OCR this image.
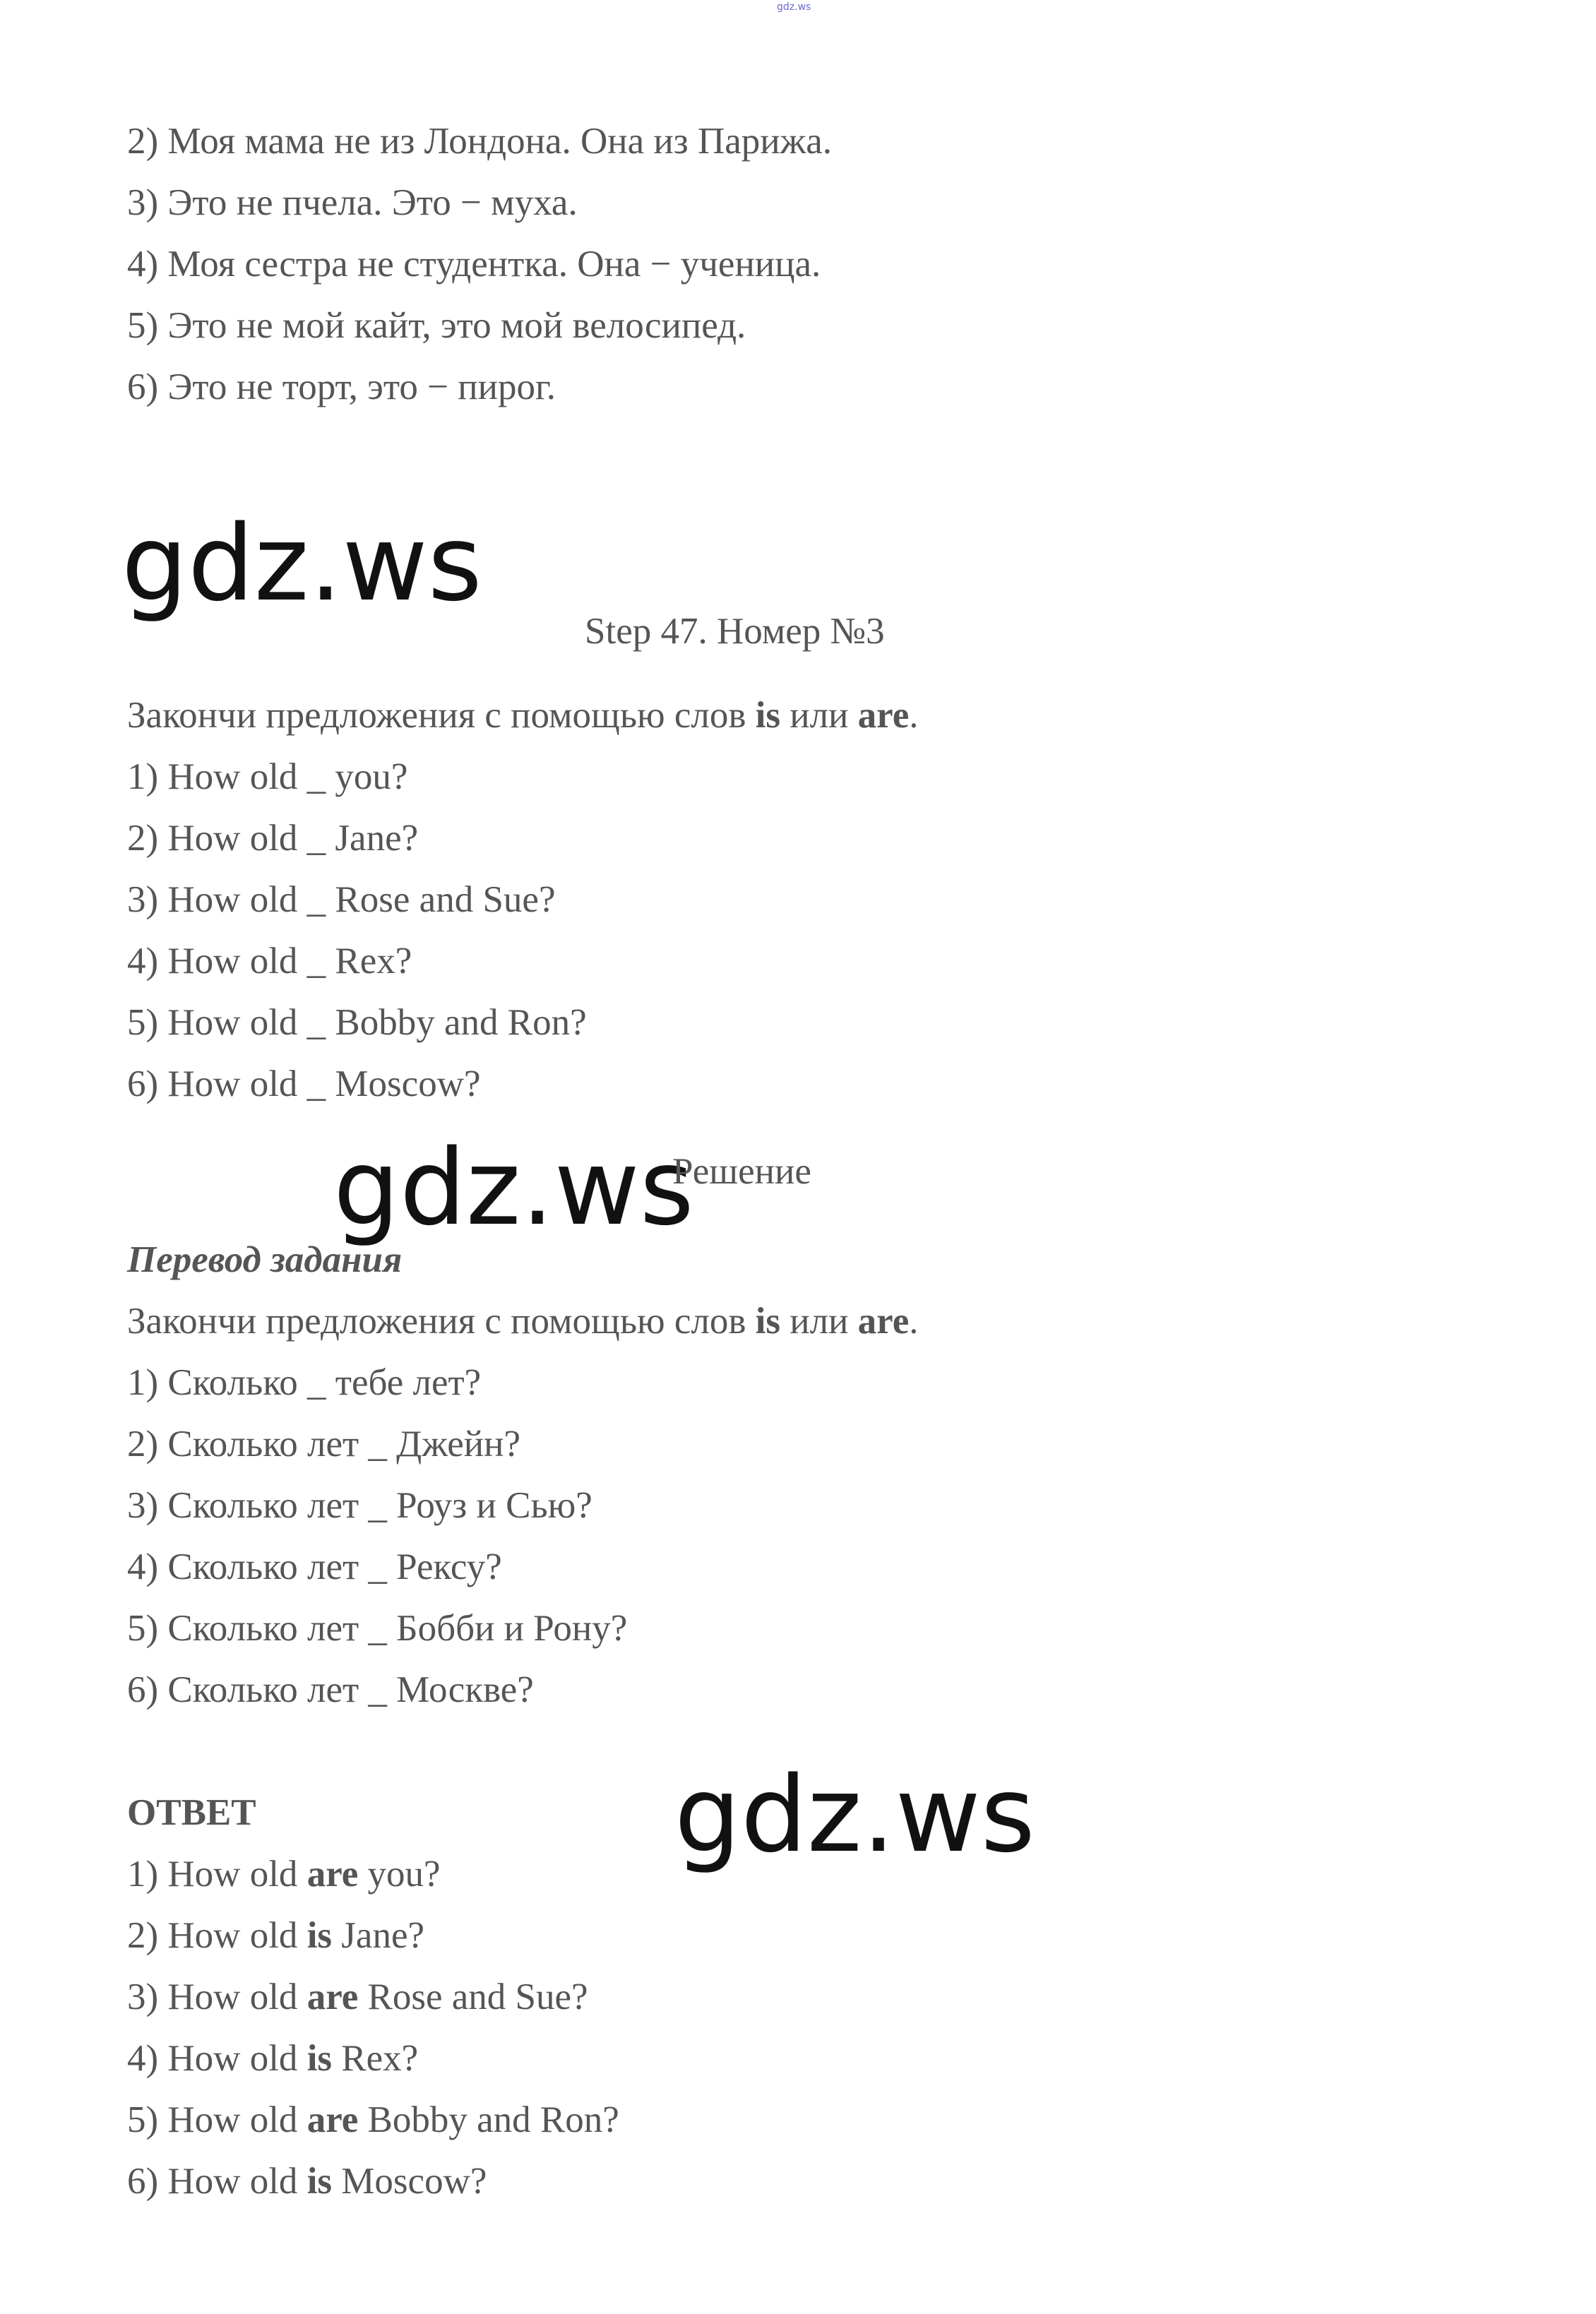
gdz.ws
2) Моя мама не из Лондона. Она из Парижа.
3) Это не пчела. Это − муха.
4) Моя сестра не студентка. Она − ученица.
5) Это не мой кайт, это мой велосипед.
6) Это не торт, это − пирог.
gdz.ws
Step 47. Номер №3
Закончи предложения с помощью слов is или are.
1) How old _ you?
2) How old _ Jane?
3) How old _ Rose and Sue?
4) How old _ Rex?
5) How old _ Bobby and Ron?
6) How old _ Moscow?
gdz.ws
Решение
Перевод задания
Закончи предложения с помощью слов is или are.
1) Сколько _ тебе лет?
2) Сколько лет _ Джейн?
3) Сколько лет _ Роуз и Сью?
4) Сколько лет _ Рексу?
5) Сколько лет _ Бобби и Рону?
6) Сколько лет _ Москве?
ОТВЕТ	gdz.ws
1) How old are you?
2) How old is Jane?
3) How old are Rose and Sue?
4) How old is Rex?
5) How old are Bobby and Ron?
6) How old is Moscow?
